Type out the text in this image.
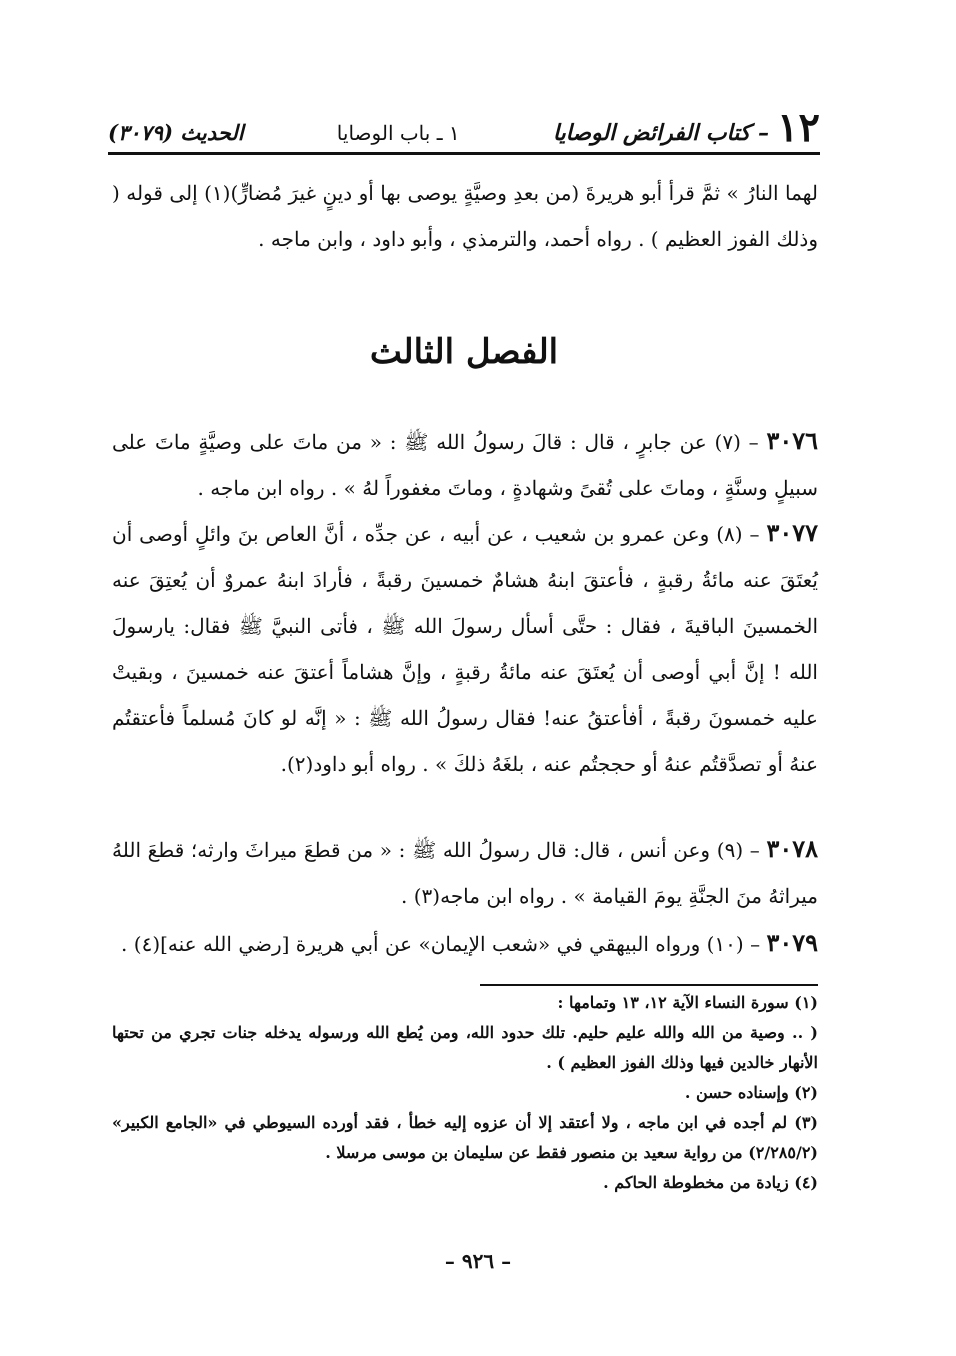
١٢
– كتاب الفرائض الوصايا
١ ـ باب الوصايا
الحديث (٣٠٧٩)

لهما النارُ » ثمَّ قرأ أبو هريرةَ (من بعدِ وصيَّةٍ يوصى بها أو دينٍ غيرَ مُضارٍّ)(١) إلى قوله ( وذلك الفوز العظيم ) . رواه أحمد، والترمذي ، وأبو داود ، وابن ماجه .

الفصل الثالث

٣٠٧٦ – (٧) عن جابرٍ ، قال : قالَ رسولُ الله ﷺ : « من ماتَ على وصيَّةٍ ماتَ على سبيلٍ وسنَّةٍ ، وماتَ على تُقىً وشهادةٍ ، وماتَ مغفوراً لهُ » . رواه ابن ماجه .

٣٠٧٧ – (٨) وعن عمرو بن شعيب ، عن أبيه ، عن جدِّه ، أنَّ العاص بنَ وائلٍ أوصى أن يُعتَقَ عنه مائةُ رقبةٍ ، فأعتقَ ابنهُ هشامٌ خمسينَ رقبةً ، فأرادَ ابنهُ عمروٌ أن يُعتِقَ عنه الخمسينَ الباقيةَ ، فقال : حتَّى أسأل رسولَ الله ﷺ ، فأتى النبيَّ ﷺ فقال: يارسولَ الله ! إنَّ أبي أوصى أن يُعتَقَ عنه مائةُ رقبةٍ ، وإنَّ هشاماً أعتقَ عنه خمسينَ ، وبقيتْ عليه خمسونَ رقبةً ، أفأعتقُ عنه! فقال رسولُ الله ﷺ : « إنَّه لو كانَ مُسلماً فأعتقتُم عنهُ أو تصدَّقتُم عنهُ أو حججتُم عنه ، بلغَهُ ذلكَ » . رواه أبو داود(٢).

٣٠٧٨ – (٩) وعن أنس ، قال: قال رسولُ الله ﷺ : « من قطعَ ميراثَ وارثه؛ قطعَ اللهُ ميراثهُ منَ الجنَّةِ يومَ القيامة » . رواه ابن ماجه(٣) .

٣٠٧٩ – (١٠) ورواه البيهقي في «شعب الإيمان» عن أبي هريرة [رضي الله عنه](٤) .

(١) سورة النساء الآية ١٢، ١٣ وتمامها :

( .. وصية من الله والله عليم حليم. تلك حدود الله، ومن يُطع الله ورسوله يدخله جنات تجري من تحتها الأنهار خالدين فيها وذلك الفوز العظيم ) .

(٢) وإسناده حسن .

(٣) لم أجده في ابن ماجه ، ولا أعتقد إلا أن عزوه إليه خطأ ، فقد أورده السيوطي في «الجامع الكبير» (٢/٢٨٥/٢) من رواية سعيد بن منصور فقط عن سليمان بن موسى مرسلا .

(٤) زيادة من مخطوطة الحاكم .

– ٩٢٦ –
